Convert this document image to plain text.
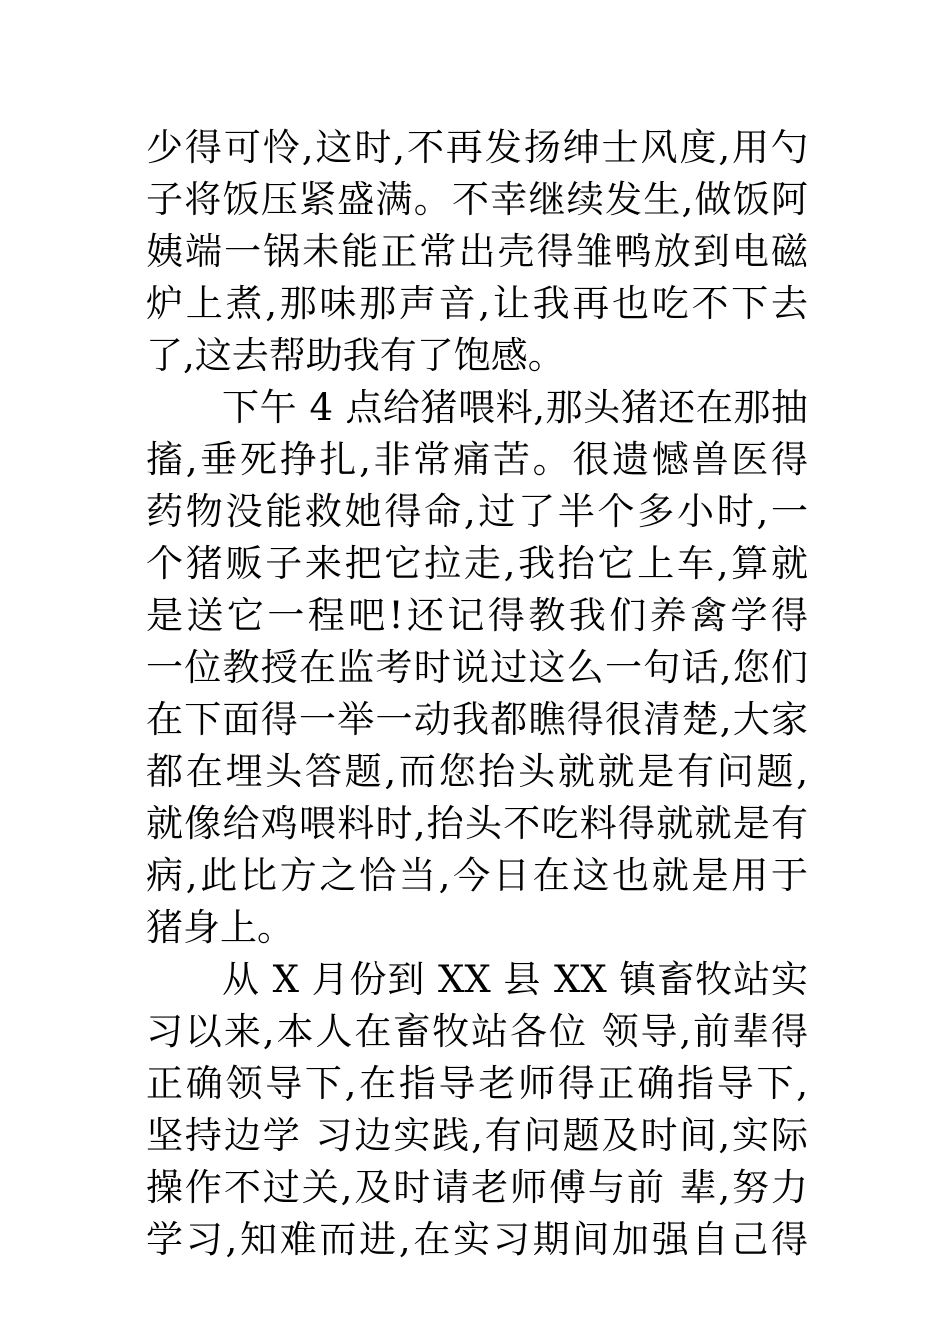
少得可怜,这时,不再发扬绅士风度,用勺
子将饭压紧盛满。不幸继续发生,做饭阿
姨端一锅未能正常出壳得雏鸭放到电磁
炉上煮,那味那声音,让我再也吃不下去
了,这去帮助我有了饱感。
下午 4 点给猪喂料,那头猪还在那抽
搐,垂死挣扎,非常痛苦。很遗憾兽医得
药物没能救她得命,过了半个多小时,一
个猪贩子来把它拉走,我抬它上车,算就
是送它一程吧!还记得教我们养禽学得
一位教授在监考时说过这么一句话,您们
在下面得一举一动我都瞧得很清楚,大家
都在埋头答题,而您抬头就就是有问题,
就像给鸡喂料时,抬头不吃料得就就是有
病,此比方之恰当,今日在这也就是用于
猪身上。
从 X 月份到 XX 县 XX 镇畜牧站实
习以来,本人在畜牧站各位 领导,前辈得
正确领导下,在指导老师得正确指导下,
坚持边学 习边实践,有问题及时间,实际
操作不过关,及时请老师傅与前 辈,努力
学习,知难而进,在实习期间加强自己得
